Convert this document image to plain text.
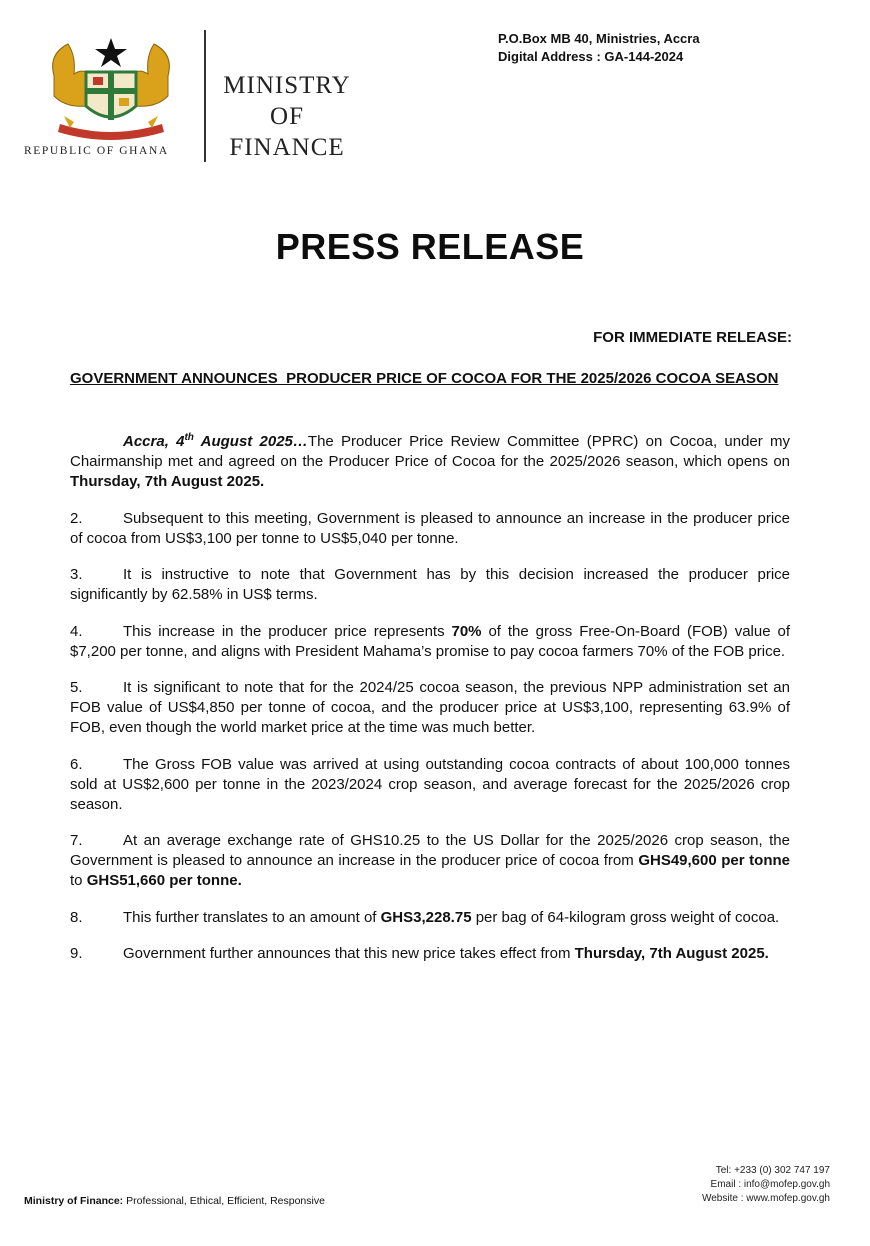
REPUBLIC OF GHANA
MINISTRY
OF
FINANCE
P.O.Box MB 40, Ministries, Accra
Digital Address : GA-144-2024
PRESS RELEASE
FOR IMMEDIATE RELEASE:
GOVERNMENT ANNOUNCES  PRODUCER PRICE OF COCOA FOR THE 2025/2026 COCOA SEASON

Accra, 4th August 2025…The Producer Price Review Committee (PPRC) on Cocoa, under my Chairmanship met and agreed on the Producer Price of Cocoa for the 2025/2026 season, which opens on Thursday, 7th August 2025.

2.	Subsequent to this meeting, Government is pleased to announce an increase in the producer price of cocoa from US$3,100 per tonne to US$5,040 per tonne.

3.	It is instructive to note that Government has by this decision increased the producer price significantly by 62.58% in US$ terms.

4.	This increase in the producer price represents 70% of the gross Free-On-Board (FOB) value of $7,200 per tonne, and aligns with President Mahama’s promise to pay cocoa farmers 70% of the FOB price.

5.	It is significant to note that for the 2024/25 cocoa season, the previous NPP administration set an FOB value of US$4,850 per tonne of cocoa, and the producer price at US$3,100, representing 63.9% of FOB, even though the world market price at the time was much better.

6.	The Gross FOB value was arrived at using outstanding cocoa contracts of about 100,000 tonnes sold at US$2,600 per tonne in the 2023/2024 crop season, and average forecast for the 2025/2026 crop season.

7.	At an average exchange rate of GHS10.25 to the US Dollar for the 2025/2026 crop season, the Government is pleased to announce an increase in the producer price of cocoa from GHS49,600 per tonne to GHS51,660 per tonne.

8.	This further translates to an amount of GHS3,228.75 per bag of 64-kilogram gross weight of cocoa.

9.	Government further announces that this new price takes effect from Thursday, 7th August 2025.

Ministry of Finance: Professional, Ethical, Efficient, Responsive
Tel: +233 (0) 302 747 197
Email : info@mofep.gov.gh
Website : www.mofep.gov.gh
